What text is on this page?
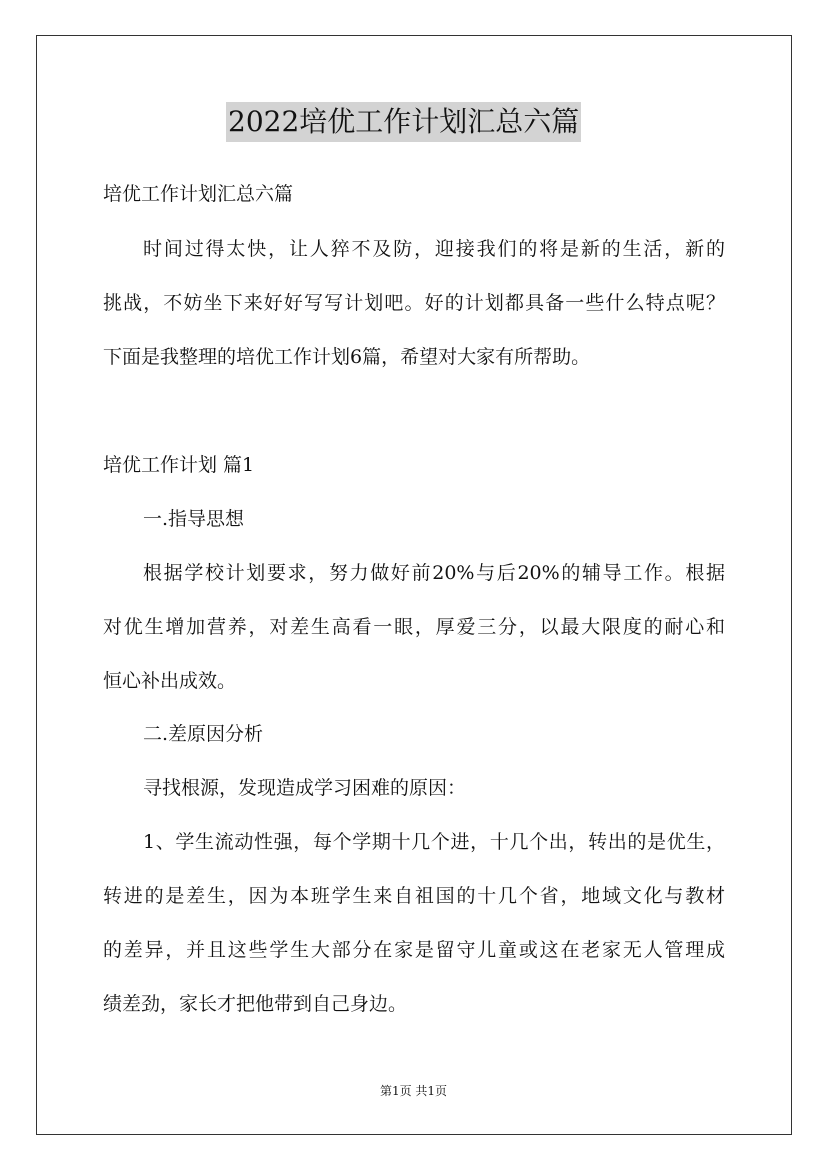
2022培优工作计划汇总六篇
培优工作计划汇总六篇
时间过得太快，让人猝不及防，迎接我们的将是新的生活，新的
挑战，不妨坐下来好好写写计划吧。好的计划都具备一些什么特点呢？
下面是我整理的培优工作计划6篇，希望对大家有所帮助。
培优工作计划 篇1
一.指导思想
根据学校计划要求，努力做好前20%与后20%的辅导工作。根据
对优生增加营养，对差生高看一眼，厚爱三分，以最大限度的耐心和
恒心补出成效。
二.差原因分析
寻找根源，发现造成学习困难的原因：
1、学生流动性强，每个学期十几个进，十几个出，转出的是优生，
转进的是差生，因为本班学生来自祖国的十几个省，地域文化与教材
的差异，并且这些学生大部分在家是留守儿童或这在老家无人管理成
绩差劲，家长才把他带到自己身边。
第1页 共1页
